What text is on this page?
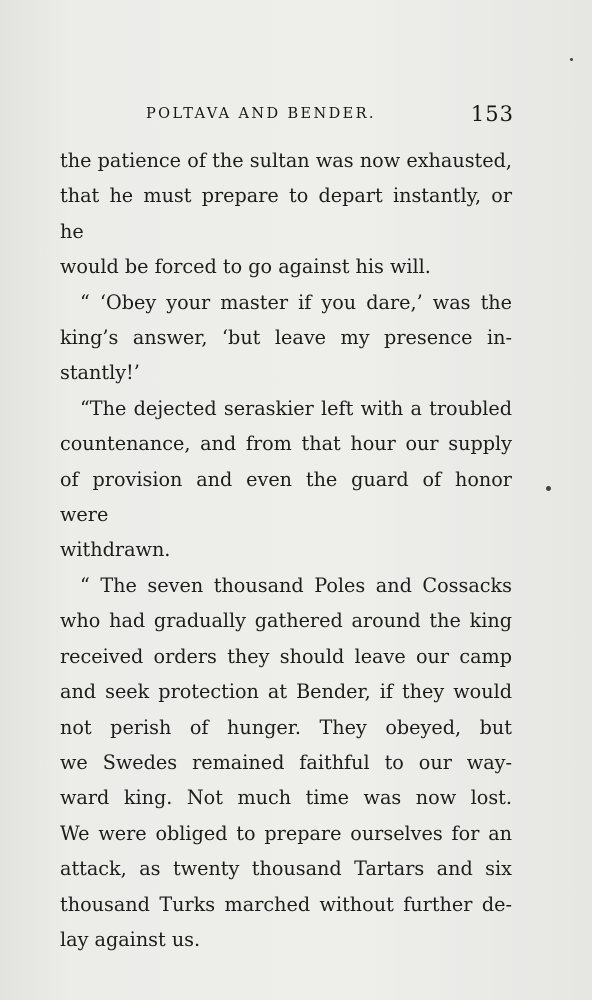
POLTAVA AND BENDER.	153

the patience of the sultan was now exhausted,
that he must prepare to depart instantly, or he
would be forced to go against his will.

“ ‘Obey your master if you dare,’ was the
king’s answer, ‘but leave my presence in-
stantly!’

“The dejected seraskier left with a troubled
countenance, and from that hour our supply
of provision and even the guard of honor were
withdrawn.

“ The seven thousand Poles and Cossacks
who had gradually gathered around the king
received orders they should leave our camp
and seek protection at Bender, if they would
not perish of hunger. They obeyed, but
we Swedes remained faithful to our way-
ward king. Not much time was now lost.
We were obliged to prepare ourselves for an
attack, as twenty thousand Tartars and six
thousand Turks marched without further de-
lay against us.
